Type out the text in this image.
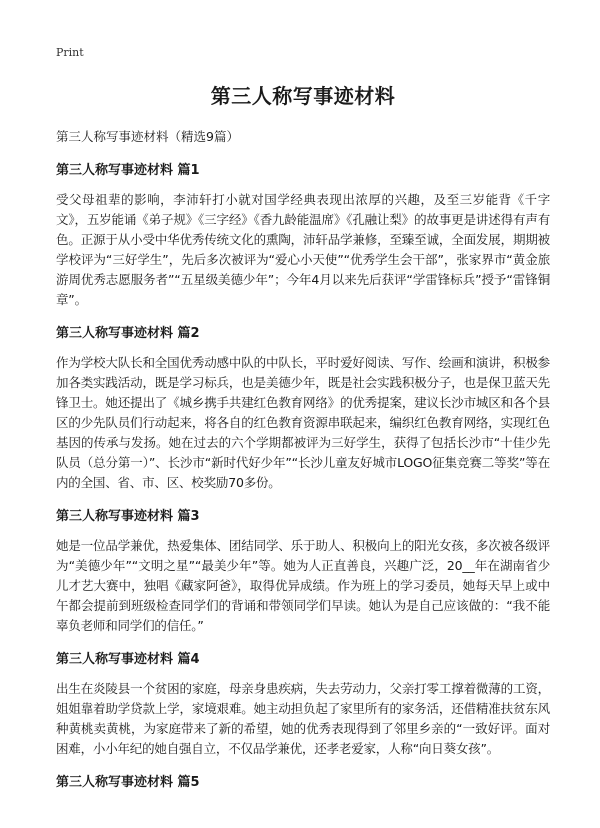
Print
第三人称写事迹材料

第三人称写事迹材料（精选9篇）

第三人称写事迹材料 篇1

受父母祖辈的影响，李沛轩打小就对国学经典表现出浓厚的兴趣，及至三岁能背《千字文》，五岁能诵《弟子规》《三字经》《香九龄能温席》《孔融让梨》的故事更是讲述得有声有色。正源于从小受中华优秀传统文化的熏陶，沛轩品学兼修，至臻至诚，全面发展，期期被学校评为“三好学生”，先后多次被评为“爱心小天使”“优秀学生会干部”，张家界市“黄金旅游周优秀志愿服务者”“五星级美德少年”；今年4月以来先后获评“学雷锋标兵”授予“雷锋铜章”。

第三人称写事迹材料 篇2

作为学校大队长和全国优秀动感中队的中队长，平时爱好阅读、写作、绘画和演讲，积极参加各类实践活动，既是学习标兵，也是美德少年，既是社会实践积极分子，也是保卫蓝天先锋卫士。她还提出了《城乡携手共建红色教育网络》的优秀提案，建议长沙市城区和各个县区的少先队员们行动起来，将各自的红色教育资源串联起来，编织红色教育网络，实现红色基因的传承与发扬。她在过去的六个学期都被评为三好学生，获得了包括长沙市“十佳少先队员（总分第一）”、长沙市“新时代好少年”“长沙儿童友好城市LOGO征集竞赛二等奖”等在内的全国、省、市、区、校奖励70多份。

第三人称写事迹材料 篇3

她是一位品学兼优，热爱集体、团结同学、乐于助人、积极向上的阳光女孩，多次被各级评为“美德少年”“文明之星”“最美少年”等。她为人正直善良，兴趣广泛，20__年在湖南省少儿才艺大赛中，独唱《藏家阿爸》，取得优异成绩。作为班上的学习委员，她每天早上或中午都会提前到班级检查同学们的背诵和带领同学们早读。她认为是自己应该做的：“我不能辜负老师和同学们的信任。”

第三人称写事迹材料 篇4

出生在炎陵县一个贫困的家庭，母亲身患疾病，失去劳动力，父亲打零工撑着微薄的工资，姐姐靠着助学贷款上学，家境艰难。她主动担负起了家里所有的家务活，还借精准扶贫东风种黄桃卖黄桃，为家庭带来了新的希望，她的优秀表现得到了邻里乡亲的“一致好评。面对困难，小小年纪的她自强自立，不仅品学兼优，还孝老爱家，人称“向日葵女孩”。

第三人称写事迹材料 篇5
